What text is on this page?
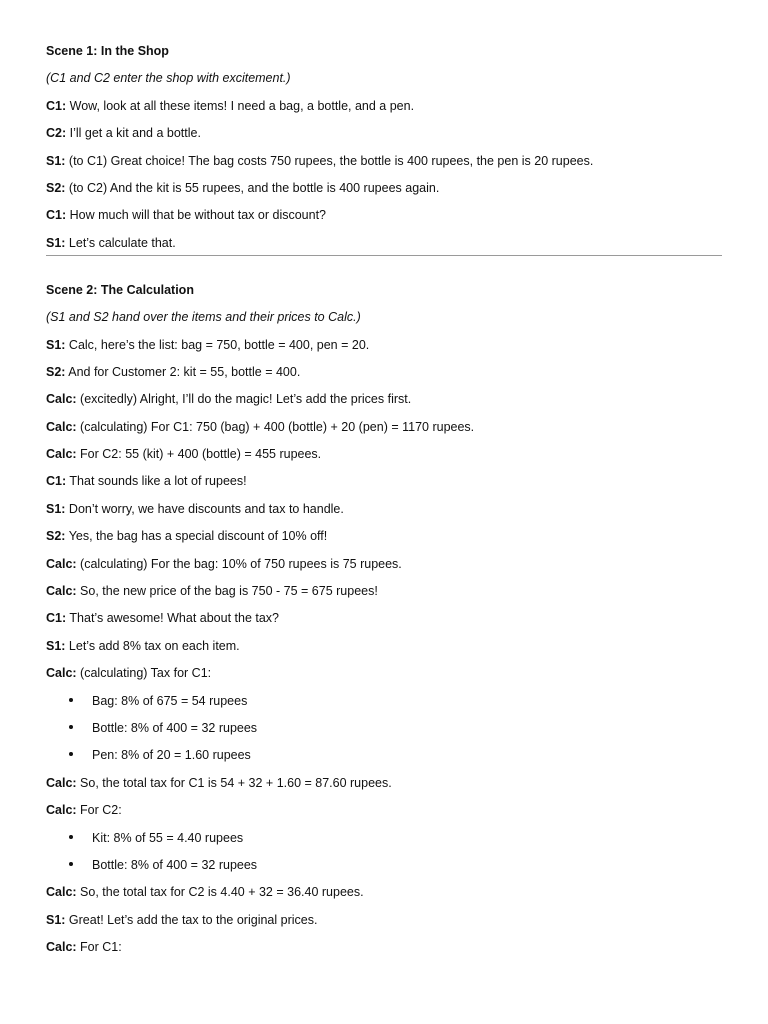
Scene 1: In the Shop
(C1 and C2 enter the shop with excitement.)
C1: Wow, look at all these items! I need a bag, a bottle, and a pen.
C2: I’ll get a kit and a bottle.
S1: (to C1) Great choice! The bag costs 750 rupees, the bottle is 400 rupees, the pen is 20 rupees.
S2: (to C2) And the kit is 55 rupees, and the bottle is 400 rupees again.
C1: How much will that be without tax or discount?
S1: Let’s calculate that.
Scene 2: The Calculation
(S1 and S2 hand over the items and their prices to Calc.)
S1: Calc, here’s the list: bag = 750, bottle = 400, pen = 20.
S2: And for Customer 2: kit = 55, bottle = 400.
Calc: (excitedly) Alright, I’ll do the magic! Let’s add the prices first.
Calc: (calculating) For C1: 750 (bag) + 400 (bottle) + 20 (pen) = 1170 rupees.
Calc: For C2: 55 (kit) + 400 (bottle) = 455 rupees.
C1: That sounds like a lot of rupees!
S1: Don’t worry, we have discounts and tax to handle.
S2: Yes, the bag has a special discount of 10% off!
Calc: (calculating) For the bag: 10% of 750 rupees is 75 rupees.
Calc: So, the new price of the bag is 750 - 75 = 675 rupees!
C1: That’s awesome! What about the tax?
S1: Let’s add 8% tax on each item.
Calc: (calculating) Tax for C1:
Bag: 8% of 675 = 54 rupees
Bottle: 8% of 400 = 32 rupees
Pen: 8% of 20 = 1.60 rupees
Calc: So, the total tax for C1 is 54 + 32 + 1.60 = 87.60 rupees.
Calc: For C2:
Kit: 8% of 55 = 4.40 rupees
Bottle: 8% of 400 = 32 rupees
Calc: So, the total tax for C2 is 4.40 + 32 = 36.40 rupees.
S1: Great! Let’s add the tax to the original prices.
Calc: For C1:
